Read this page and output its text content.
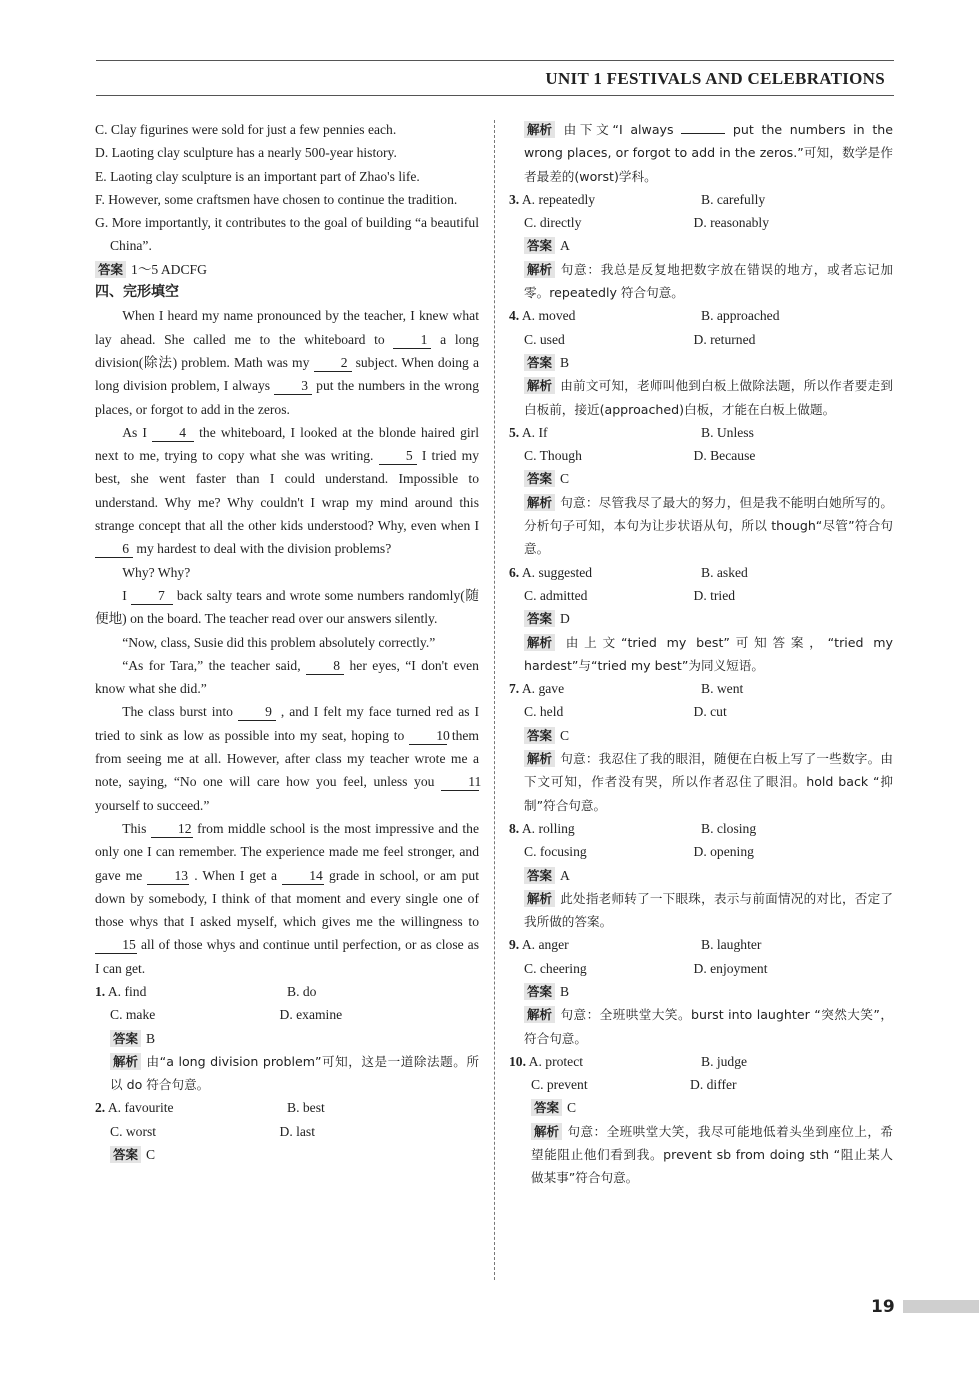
UNIT 1 FESTIVALS AND CELEBRATIONS
C. Clay figurines were sold for just a few pennies each.
D. Laoting clay sculpture has a nearly 500-year history.
E. Laoting clay sculpture is an important part of Zhao's life.
F. However, some craftsmen have chosen to continue the tradition.
G. More importantly, it contributes to the goal of building “a beautiful China”.
答案 1～5 ADCFG
四、完形填空
When I heard my name pronounced by the teacher, I knew what lay ahead. She called me to the whiteboard to	1 a long division(除法) problem. Math was my 2 subject. When doing a long division problem, I always 3 put the numbers in the wrong places, or forgot to add in the zeros.
As I 4 the whiteboard, I looked at the blonde haired girl next to me, trying to copy what she was writing. 5 I tried my best, she went faster than I could understand. Impossible to understand. Why me? Why couldn't I wrap my mind around this strange concept that all the other kids understood? Why, even when I 6 my hardest to deal with the division problems?
Why? Why?
I 7 back salty tears and wrote some numbers randomly(随便地) on the board. The teacher read over our answers silently.
“Now, class, Susie did this problem absolutely correctly.”
“As for Tara,” the teacher said, 8 her eyes, “I don't even know what she did.”
The class burst into 9 , and I felt my face turned red as I tried to sink as low as possible into my seat, hoping to 10 them from seeing me at all. However, after class my teacher wrote me a note, saying, “No one will care how you feel, unless you 11 yourself to succeed.”
This 12 from middle school is the most impressive and the only one I can remember. The experience made me feel stronger, and gave me 13 . When I get a 14 grade in school, or am put down by somebody, I think of that moment and every single one of those whys that I asked myself, which gives me the willingness to 15 all of those whys and continue until perfection, or as close as I can get.
1. A. find	B. do
C. make	D. examine
答案 B
解析 由“a long division problem”可知，这是一道除法题。所以 do 符合句意。
2. A. favourite	B. best
C. worst	D. last
答案 C
解析 由下文“I always	put the numbers in the wrong places, or forgot to add in the zeros.”可知，数学是作者最差的(worst)学科。
3. A. repeatedly	B. carefully
C. directly	D. reasonably
答案 A
解析 句意：我总是反复地把数字放在错误的地方，或者忘记加零。repeatedly 符合句意。
4. A. moved	B. approached
C. used	D. returned
答案 B
解析 由前文可知，老师叫他到白板上做除法题，所以作者要走到白板前，接近(approached)白板，才能在白板上做题。
5. A. If	B. Unless
C. Though	D. Because
答案 C
解析 句意：尽管我尽了最大的努力，但是我不能明白她所写的。分析句子可知，本句为让步状语从句，所以 though“尽管”符合句意。
6. A. suggested	B. asked
C. admitted	D. tried
答案 D
解析 由上文“tried my best”可知答案，“tried my hardest”与“tried my best”为同义短语。
7. A. gave	B. went
C. held	D. cut
答案 C
解析 句意：我忍住了我的眼泪，随便在白板上写了一些数字。由下文可知，作者没有哭，所以作者忍住了眼泪。hold back “抑制”符合句意。
8. A. rolling	B. closing
C. focusing	D. opening
答案 A
解析 此处指老师转了一下眼珠，表示与前面情况的对比，否定了我所做的答案。
9. A. anger	B. laughter
C. cheering	D. enjoyment
答案 B
解析 句意：全班哄堂大笑。burst into laughter “突然大笑”，符合句意。
10. A. protect	B. judge
C. prevent	D. differ
答案 C
解析 句意：全班哄堂大笑，我尽可能地低着头坐到座位上，希望能阻止他们看到我。prevent sb from doing sth “阻止某人做某事”符合句意。
19
